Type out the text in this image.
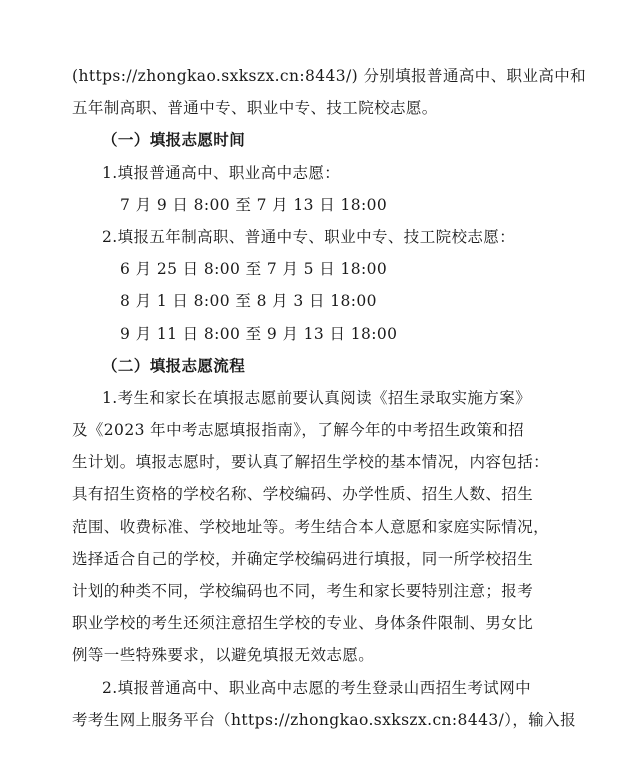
(https://zhongkao.sxkszx.cn:8443/) 分别填报普通高中、职业高中和
五年制高职、普通中专、职业中专、技工院校志愿。
（一）填报志愿时间
1.填报普通高中、职业高中志愿：
7 月 9 日 8:00 至 7 月 13 日 18:00
2.填报五年制高职、普通中专、职业中专、技工院校志愿：
6 月 25 日 8:00 至 7 月 5 日 18:00
8 月 1 日 8:00 至 8 月 3 日 18:00
9 月 11 日 8:00 至 9 月 13 日 18:00
（二）填报志愿流程
1.考生和家长在填报志愿前要认真阅读《招生录取实施方案》
及《2023 年中考志愿填报指南》，了解今年的中考招生政策和招
生计划。填报志愿时，要认真了解招生学校的基本情况，内容包括：
具有招生资格的学校名称、学校编码、办学性质、招生人数、招生
范围、收费标准、学校地址等。考生结合本人意愿和家庭实际情况，
选择适合自己的学校，并确定学校编码进行填报，同一所学校招生
计划的种类不同，学校编码也不同，考生和家长要特别注意；报考
职业学校的考生还须注意招生学校的专业、身体条件限制、男女比
例等一些特殊要求，以避免填报无效志愿。
2.填报普通高中、职业高中志愿的考生登录山西招生考试网中
考考生网上服务平台（https://zhongkao.sxkszx.cn:8443/），输入报
